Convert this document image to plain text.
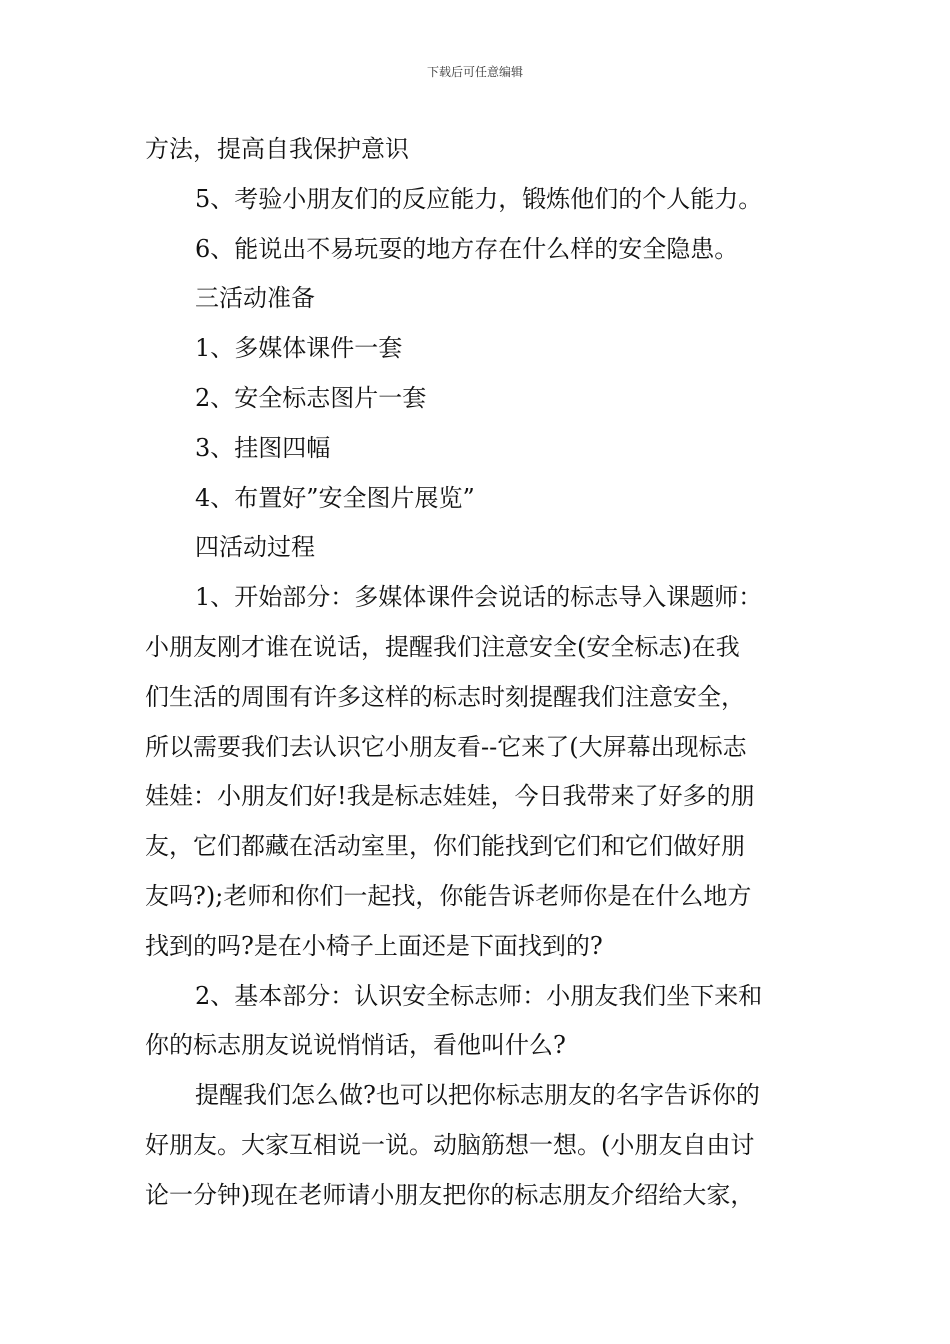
下载后可任意编辑
方法，提高自我保护意识
5、考验小朋友们的反应能力，锻炼他们的个人能力。
6、能说出不易玩耍的地方存在什么样的安全隐患。
三活动准备
1、多媒体课件一套
2、安全标志图片一套
3、挂图四幅
4、布置好”安全图片展览”
四活动过程
1、开始部分：多媒体课件会说话的标志导入课题师：
小朋友刚才谁在说话，提醒我们注意安全(安全标志)在我
们生活的周围有许多这样的标志时刻提醒我们注意安全，
所以需要我们去认识它小朋友看--它来了(大屏幕出现标志
娃娃：小朋友们好!我是标志娃娃，今日我带来了好多的朋
友，它们都藏在活动室里，你们能找到它们和它们做好朋
友吗?);老师和你们一起找，你能告诉老师你是在什么地方
找到的吗?是在小椅子上面还是下面找到的?
2、基本部分：认识安全标志师：小朋友我们坐下来和
你的标志朋友说说悄悄话，看他叫什么?
提醒我们怎么做?也可以把你标志朋友的名字告诉你的
好朋友。大家互相说一说。动脑筋想一想。(小朋友自由讨
论一分钟)现在老师请小朋友把你的标志朋友介绍给大家，
